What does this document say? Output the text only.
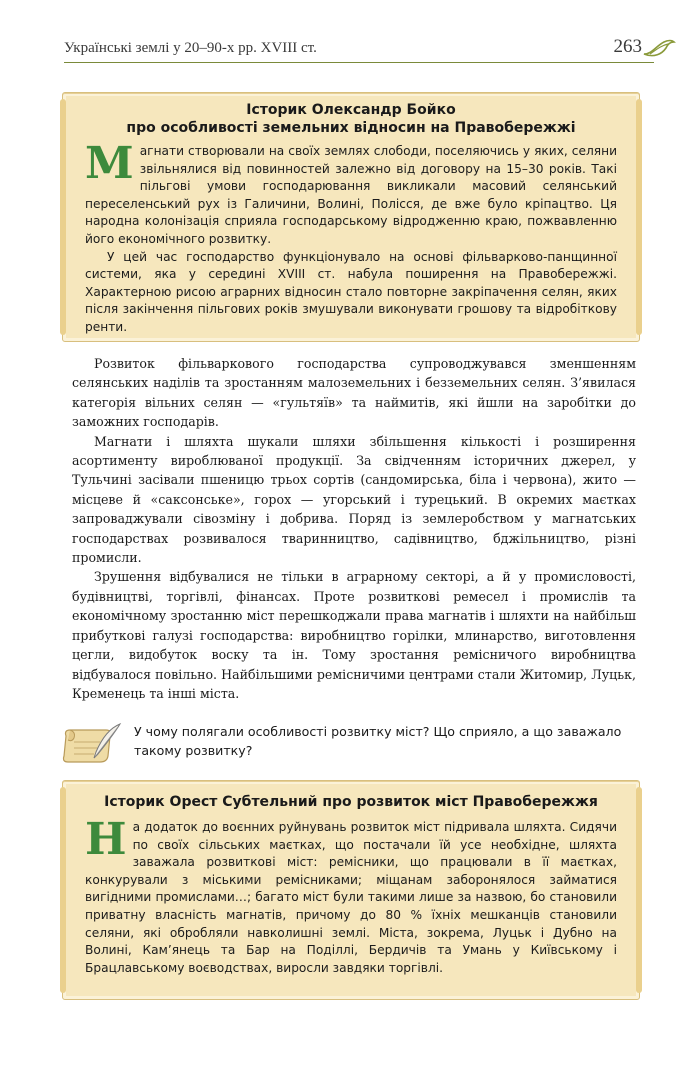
Українські землі у 20–90-х рр. XVIII ст.	263
Історик Олександр Бойко
про особливості земельних відносин на Правобережжі

Магнати створювали на своїх землях слободи, поселяючись у яких, селяни звільнялися від повинностей залежно від договору на 15–30 років. Такі пільгові умови господарювання викликали масовий селянський переселенський рух із Галичини, Волині, Полісся, де вже було кріпацтво. Ця народна колонізація сприяла господарському відродженню краю, пожвавленню його економічного розвитку.

У цей час господарство функціонувало на основі фільварково-панщинної системи, яка у середині XVIII ст. набула поширення на Правобережжі. Характерною рисою аграрних відносин стало повторне закріпачення селян, яких після закінчення пільгових років змушували виконувати грошову та відробіткову ренти.

Розвиток фільваркового господарства супроводжувався зменшенням селянських наділів та зростанням малоземельних і безземельних селян. З’явилася категорія вільних селян — «гультяїв» та наймитів, які йшли на заробітки до заможних господарів.

Магнати і шляхта шукали шляхи збільшення кількості і розширення асортименту вироблюваної продукції. За свідченням історичних джерел, у Тульчині засівали пшеницю трьох сортів (сандомирська, біла і червона), жито — місцеве й «саксонське», горох — угорський і турецький. В окремих маєтках запроваджували сівозміну і добрива. Поряд із землеробством у магнатських господарствах розвивалося тваринництво, садівництво, бджільництво, різні промисли.

Зрушення відбувалися не тільки в аграрному секторі, а й у промисловості, будівництві, торгівлі, фінансах. Проте розвиткові ремесел і промислів та економічному зростанню міст перешкоджали права магнатів і шляхти на найбільш прибуткові галузі господарства: виробництво горілки, млинарство, виготовлення цегли, видобуток воску та ін. Тому зростання ремісничого виробництва відбувалося повільно. Найбільшими ремісничими центрами стали Житомир, Луцьк, Кременець та інші міста.

У чому полягали особливості розвитку міст? Що сприяло, а що заважало такому розвитку?
Історик Орест Субтельний про розвиток міст Правобережжя

На додаток до воєнних руйнувань розвиток міст підривала шляхта. Сидячи по своїх сільських маєтках, що постачали їй усе необхідне, шляхта заважала розвиткові міст: ремісники, що працювали в її маєтках, конкурували з міськими ремісниками; міщанам заборонялося займатися вигідними промислами…; багато міст були такими лише за назвою, бо становили приватну власність магнатів, причому до 80 % їхніх мешканців становили селяни, які обробляли навколишні землі. Міста, зокрема, Луцьк і Дубно на Волині, Кам’янець та Бар на Поділлі, Бердичів та Умань у Київському і Брацлавському воєводствах, виросли завдяки торгівлі.
